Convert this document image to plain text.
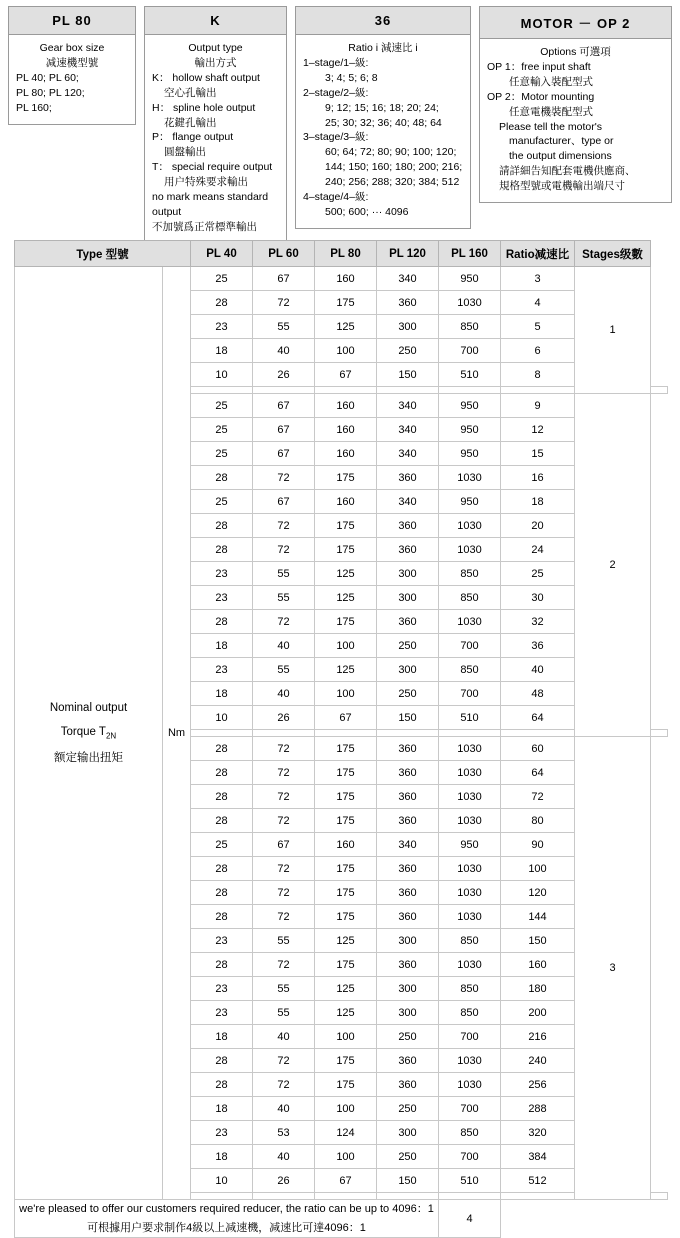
PL 80
Gear box size
减速機型號
PL 40; PL 60;
PL 80; PL 120;
PL 160;
K
Output type
輸出方式
K： hollow shaft output
空心孔輸出
H： spline hole output
花鍵孔輸出
P： flange output
圓盤輸出
T： special require output
用户特殊要求輸出
no mark means standard
output
不加號爲正常標準輸出
36
Ratio i 減速比 i
1–stage/1–級:
3; 4; 5; 6; 8
2–stage/2–級:
9; 12; 15; 16; 18; 20; 24;
25; 30; 32; 36; 40; 48; 64
3–stage/3–級:
60; 64; 72; 80; 90; 100; 120;
144; 150; 160; 180; 200; 216;
240; 256; 288; 320; 384; 512
4–stage/4–級:
500; 600; ··· 4096
MOTOR － OP 2
Options 可選項
OP 1：free input shaft
任意輸入裝配型式
OP 2：Motor mounting
任意電機裝配型式
Please tell the motor's
manufacturer、type or
the output dimensions
請詳細告知配套電機供應商、
規格型號或電機輸出端尺寸
Type 型號		PL 40	PL 60	PL 80	PL 120	PL 160	Ratio减速比	Stages级數	

Nominal output
Torque $T_{2N}$
额定输出扭矩	Nm	25	67	160	340	950	3	1	
		28	72	175	360	1030	4		
		23	55	125	300	850	5		
		18	40	100	250	700	6		
		10	26	67	150	510	8		

		25	67	160	340	950	9	2	
		25	67	160	340	950	12		
		25	67	160	340	950	15		
		28	72	175	360	1030	16		
		25	67	160	340	950	18		
		28	72	175	360	1030	20		
		28	72	175	360	1030	24		
		23	55	125	300	850	25		
		23	55	125	300	850	30		
		28	72	175	360	1030	32		
		18	40	100	250	700	36		
		23	55	125	300	850	40		
		18	40	100	250	700	48		
		10	26	67	150	510	64		

		28	72	175	360	1030	60	3	
		28	72	175	360	1030	64		
		28	72	175	360	1030	72		
		28	72	175	360	1030	80		
		25	67	160	340	950	90		
		28	72	175	360	1030	100		
		28	72	175	360	1030	120		
		28	72	175	360	1030	144		
		23	55	125	300	850	150		
		28	72	175	360	1030	160		
		23	55	125	300	850	180		
		23	55	125	300	850	200		
		18	40	100	250	700	216		
		28	72	175	360	1030	240		
		28	72	175	360	1030	256		
		18	40	100	250	700	288		
		23	53	124	300	850	320		
		18	40	100	250	700	384		
		10	26	67	150	510	512		

we're pleased to offer our customers required reducer, the ratio can be up to 4096：1
可根據用户要求制作4級以上减速機，减速比可達4096：1						4			
